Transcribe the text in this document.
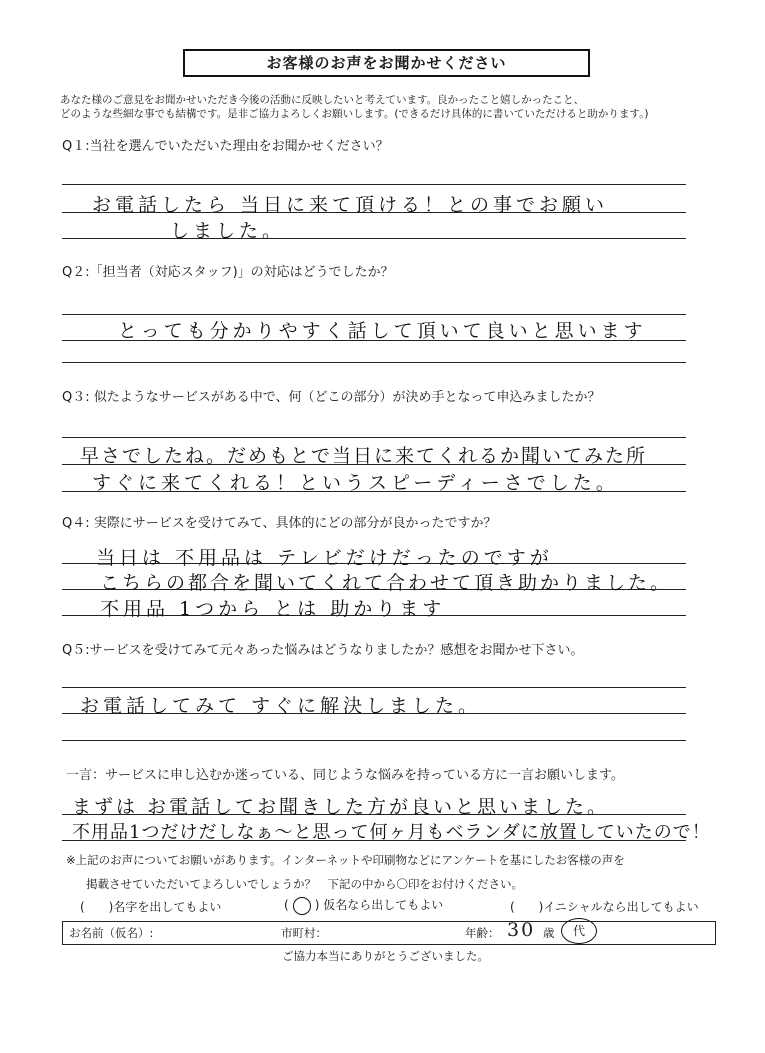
お客様のお声をお聞かせください
あなた様のご意見をお聞かせいただき今後の活動に反映したいと考えています。良かったこと嬉しかったこと、
どのような些細な事でも結構です。是非ご協力よろしくお願いします。(できるだけ具体的に書いていただけると助かります。)
Q１:当社を選んでいただいた理由をお聞かせください？
お電話したら 当日に来て頂ける！との事でお願い
しました。
Q２:「担当者（対応スタッフ)」の対応はどうでしたか？
とっても分かりやすく話して頂いて良いと思います
Q３: 似たようなサービスがある中で、何（どこの部分）が決め手となって申込みましたか？
早さでしたね。だめもとで当日に来てくれるか聞いてみた所
すぐに来てくれる！というスピーディーさでした。
Q４: 実際にサービスを受けてみて、具体的にどの部分が良かったですか？
当日は 不用品は テレビだけだったのですが
こちらの都合を聞いてくれて合わせて頂き助かりました。
不用品 1つから とは 助かります
Q５:サービスを受けてみて元々あった悩みはどうなりましたか？感想をお聞かせ下さい。
お電話してみて すぐに解決しました。
一言：サービスに申し込むか迷っている、同じような悩みを持っている方に一言お願いします。
まずは お電話してお聞きした方が良いと思いました。
不用品1つだけだしなぁ～と思って何ヶ月もベランダに放置していたので！
※上記のお声についてお願いがあります。インターネットや印刷物などにアンケートを基にしたお客様の声を
掲載させていただいてよろしいでしょうか？　下記の中から〇印をお付けください。
(　　)名字を出してもよい	( ○ ) 仮名なら出してもよい	(　　)イニシャルなら出してもよい
お名前（仮名）:	市町村：	年齢： 30 歳	代
ご協力本当にありがとうございました。
